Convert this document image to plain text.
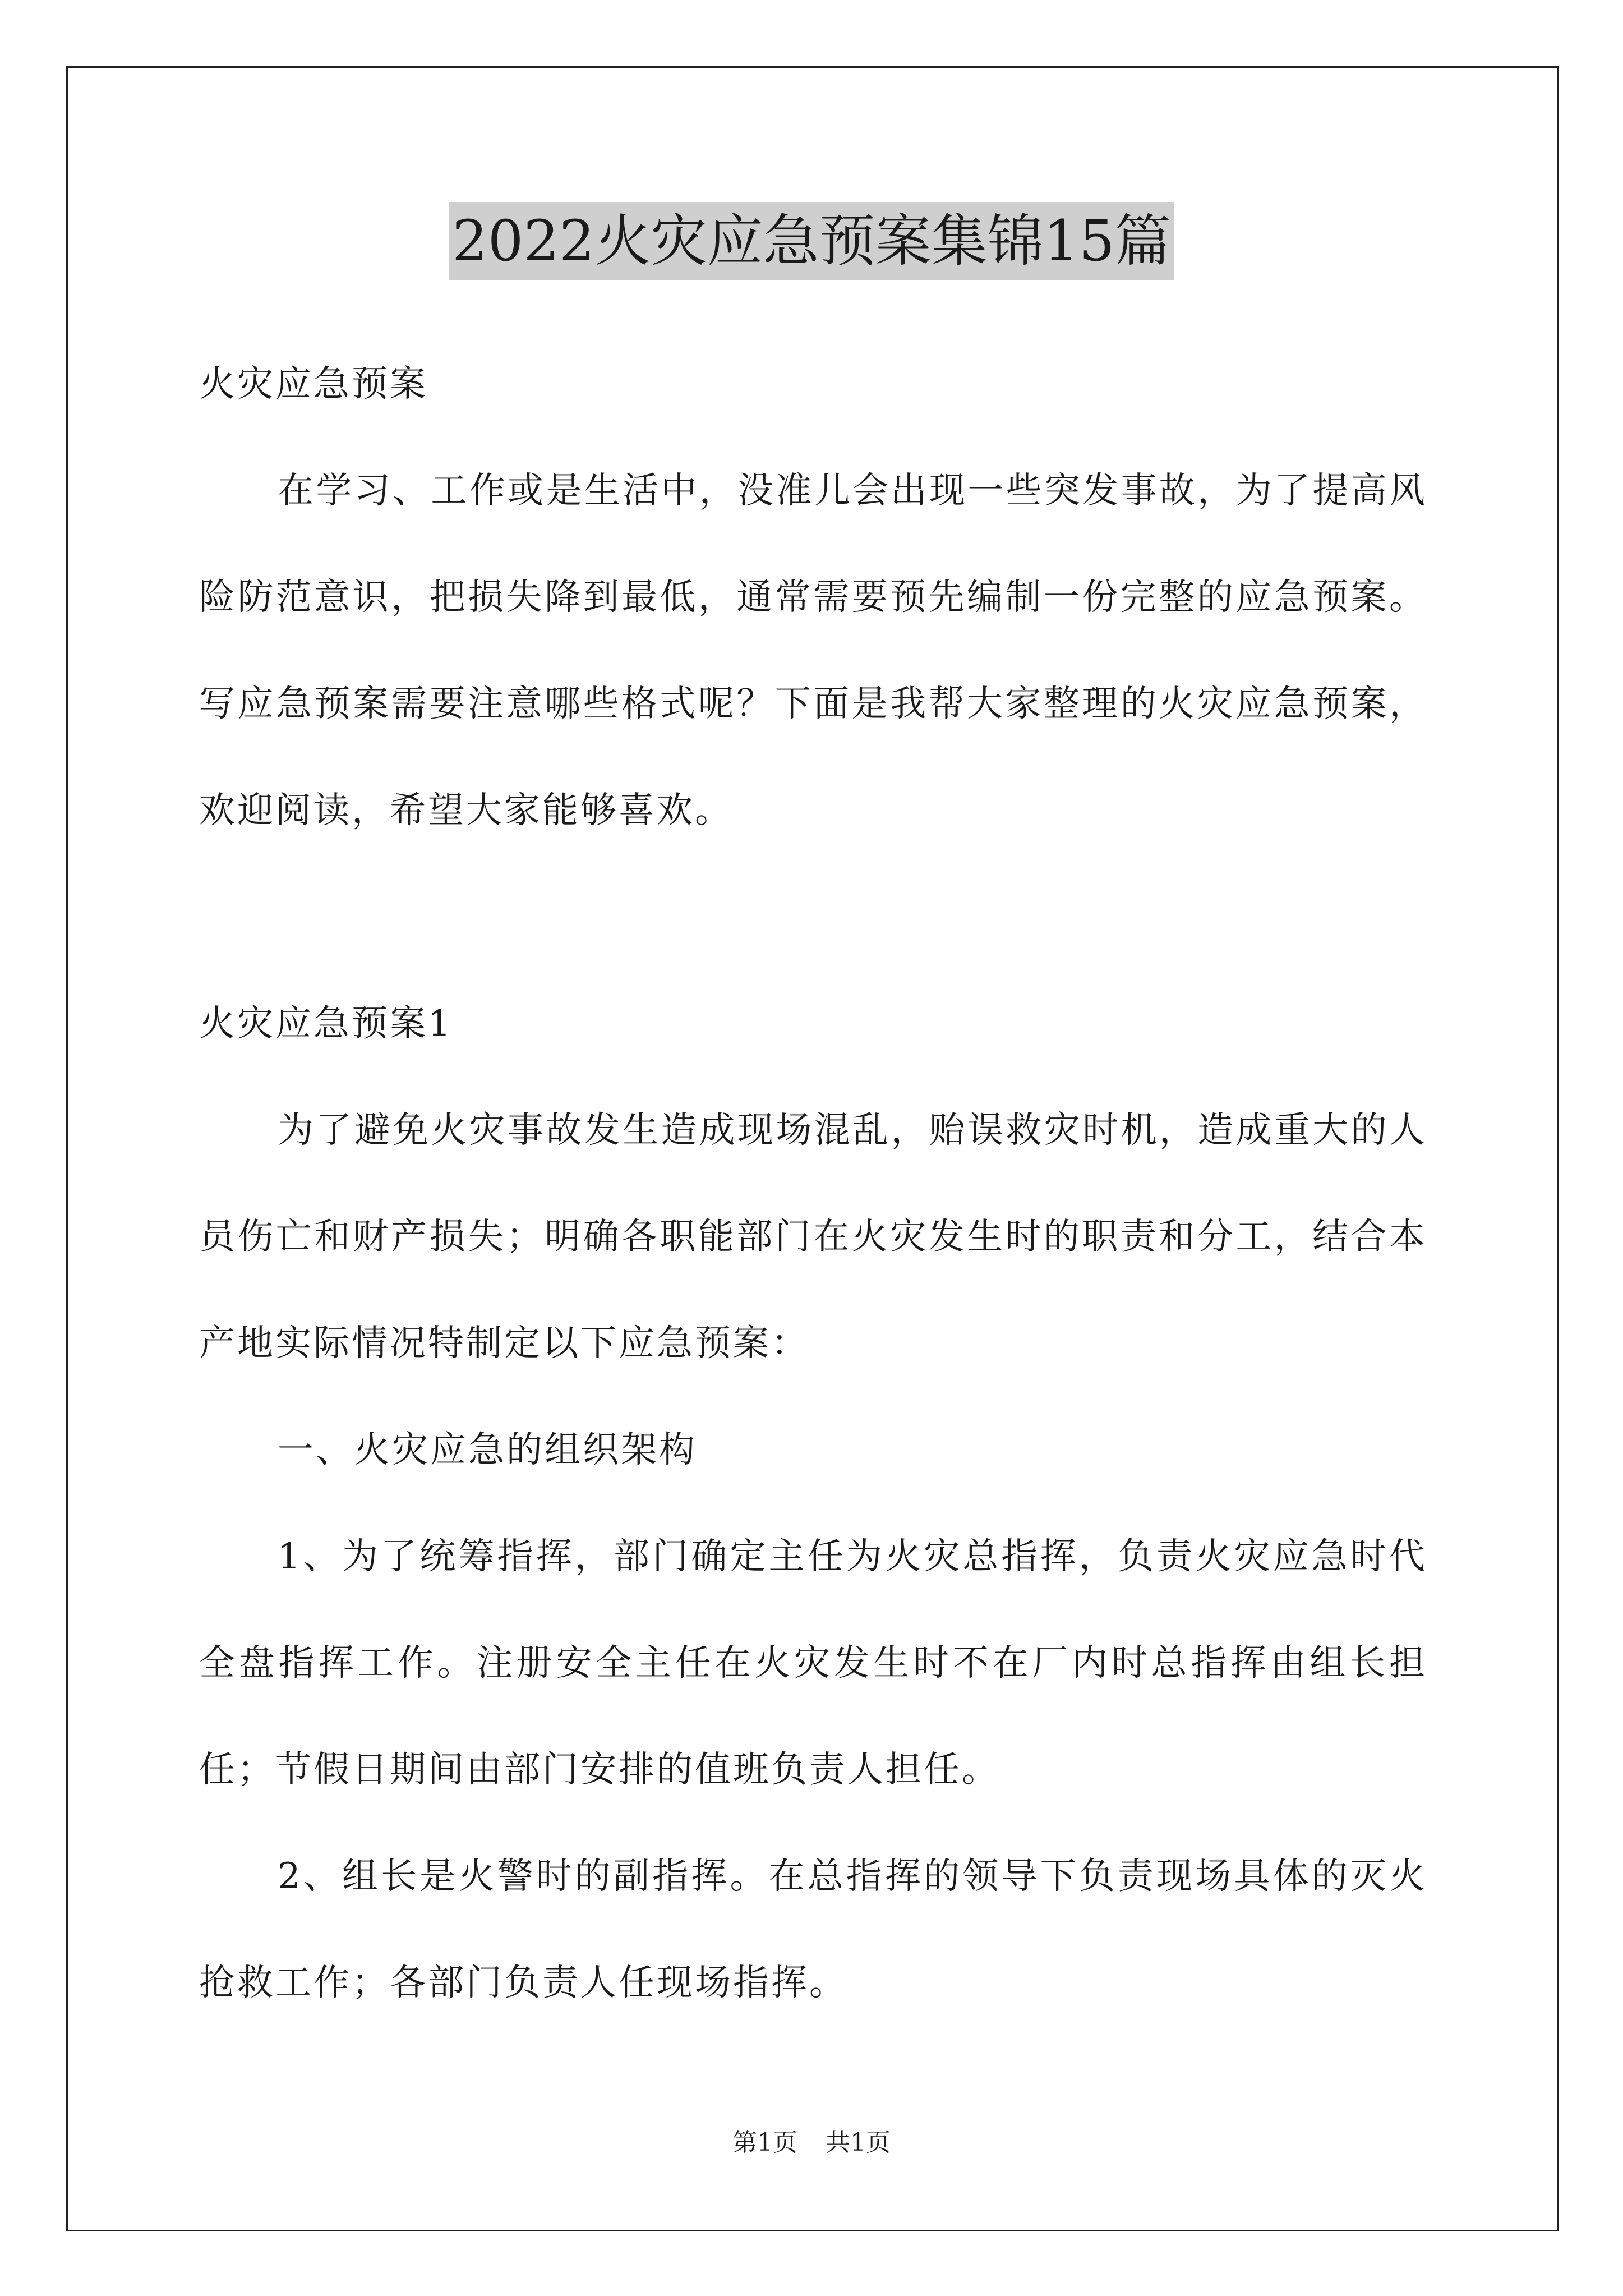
2022火灾应急预案集锦15篇
火灾应急预案

在学习、工作或是生活中，没准儿会出现一些突发事故，为了提高风险防范意识，把损失降到最低，通常需要预先编制一份完整的应急预案。写应急预案需要注意哪些格式呢？下面是我帮大家整理的火灾应急预案，欢迎阅读，希望大家能够喜欢。

火灾应急预案1

为了避免火灾事故发生造成现场混乱，贻误救灾时机，造成重大的人员伤亡和财产损失；明确各职能部门在火灾发生时的职责和分工，结合本产地实际情况特制定以下应急预案：

一、火灾应急的组织架构

1、为了统筹指挥，部门确定主任为火灾总指挥，负责火灾应急时代全盘指挥工作。注册安全主任在火灾发生时不在厂内时总指挥由组长担任；节假日期间由部门安排的值班负责人担任。

2、组长是火警时的副指挥。在总指挥的领导下负责现场具体的灭火抢救工作；各部门负责人任现场指挥。

第1页 共1页
